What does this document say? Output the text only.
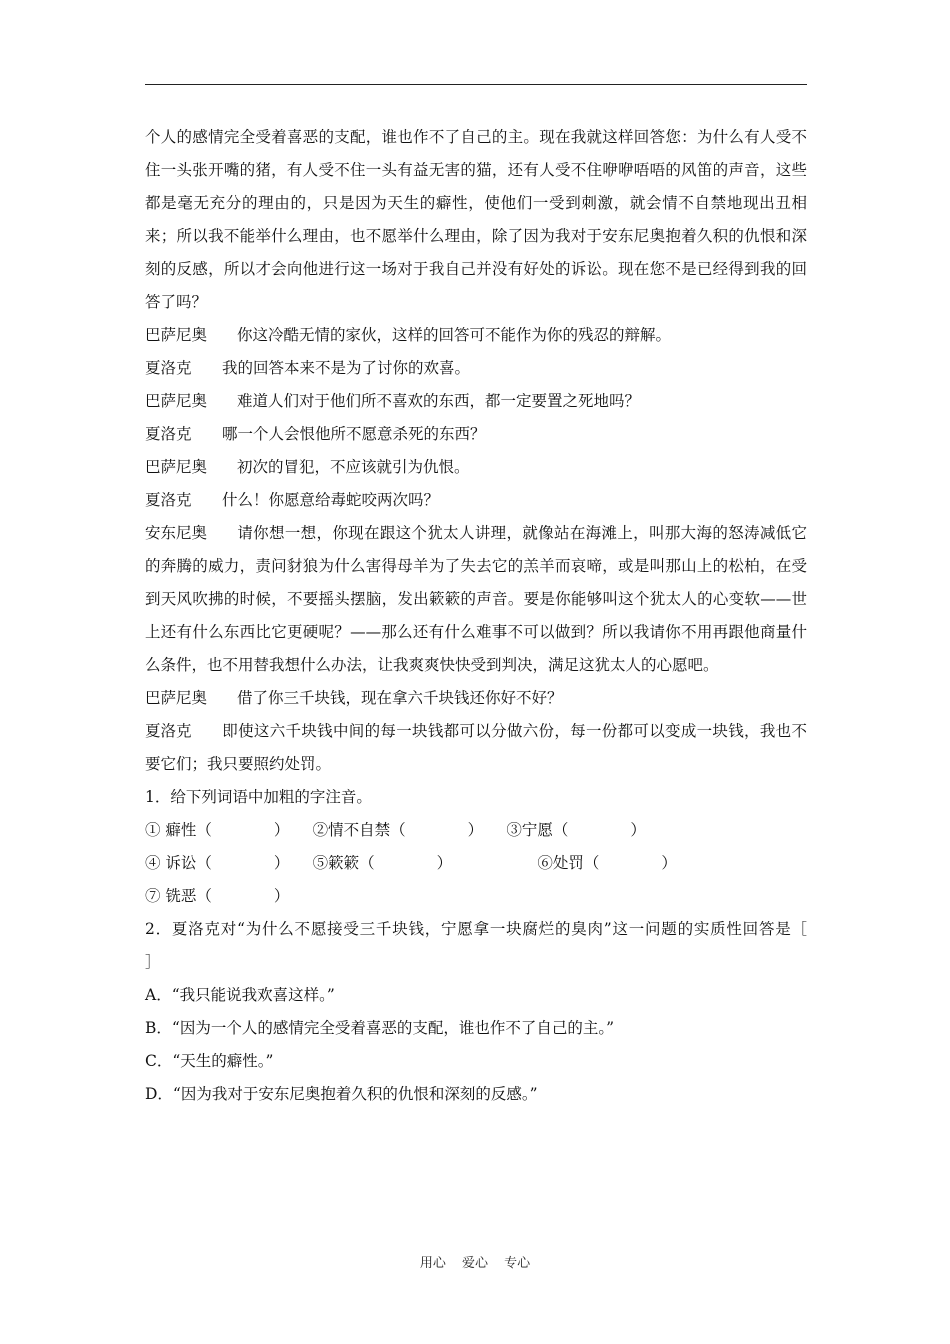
个人的感情完全受着喜恶的支配，谁也作不了自己的主。现在我就这样回答您：为什么有人受不住一头张开嘴的猪，有人受不住一头有益无害的猫，还有人受不住咿咿唔唔的风笛的声音，这些都是毫无充分的理由的，只是因为天生的癖性，使他们一受到刺激，就会情不自禁地现出丑相来；所以我不能举什么理由，也不愿举什么理由，除了因为我对于安东尼奥抱着久积的仇恨和深刻的反感，所以才会向他进行这一场对于我自己并没有好处的诉讼。现在您不是已经得到我的回答了吗？

巴萨尼奥 你这冷酷无情的家伙，这样的回答可不能作为你的残忍的辩解。

夏洛克 我的回答本来不是为了讨你的欢喜。

巴萨尼奥 难道人们对于他们所不喜欢的东西，都一定要置之死地吗？

夏洛克 哪一个人会恨他所不愿意杀死的东西？

巴萨尼奥 初次的冒犯，不应该就引为仇恨。

夏洛克 什么！你愿意给毒蛇咬两次吗？

安东尼奥 请你想一想，你现在跟这个犹太人讲理，就像站在海滩上，叫那大海的怒涛减低它的奔腾的威力，责问豺狼为什么害得母羊为了失去它的羔羊而哀啼，或是叫那山上的松柏，在受到天风吹拂的时候，不要摇头摆脑，发出簌簌的声音。要是你能够叫这个犹太人的心变软——世上还有什么东西比它更硬呢？——那么还有什么难事不可以做到？所以我请你不用再跟他商量什么条件，也不用替我想什么办法，让我爽爽快快受到判决，满足这犹太人的心愿吧。

巴萨尼奥 借了你三千块钱，现在拿六千块钱还你好不好？

夏洛克 即使这六千块钱中间的每一块钱都可以分做六份，每一份都可以变成一块钱，我也不要它们；我只要照约处罚。

1．给下列词语中加粗的字注音。

① 癖性（　　　　）　　②情不自禁（　　　　）　　③宁愿（　　　　）

④ 诉讼（　　　　）　　⑤簌簌（　　　　）　　　　　　⑥处罚（　　　　）

⑦ 铣恶（　　　　）

2．夏洛克对“为什么不愿接受三千块钱，宁愿拿一块腐烂的臭肉”这一问题的实质性回答是［　　　］

A．“我只能说我欢喜这样。”

B．“因为一个人的感情完全受着喜恶的支配，谁也作不了自己的主。”

C．“天生的癖性。”

D．“因为我对于安东尼奥抱着久积的仇恨和深刻的反感。”

用心 爱心 专心
